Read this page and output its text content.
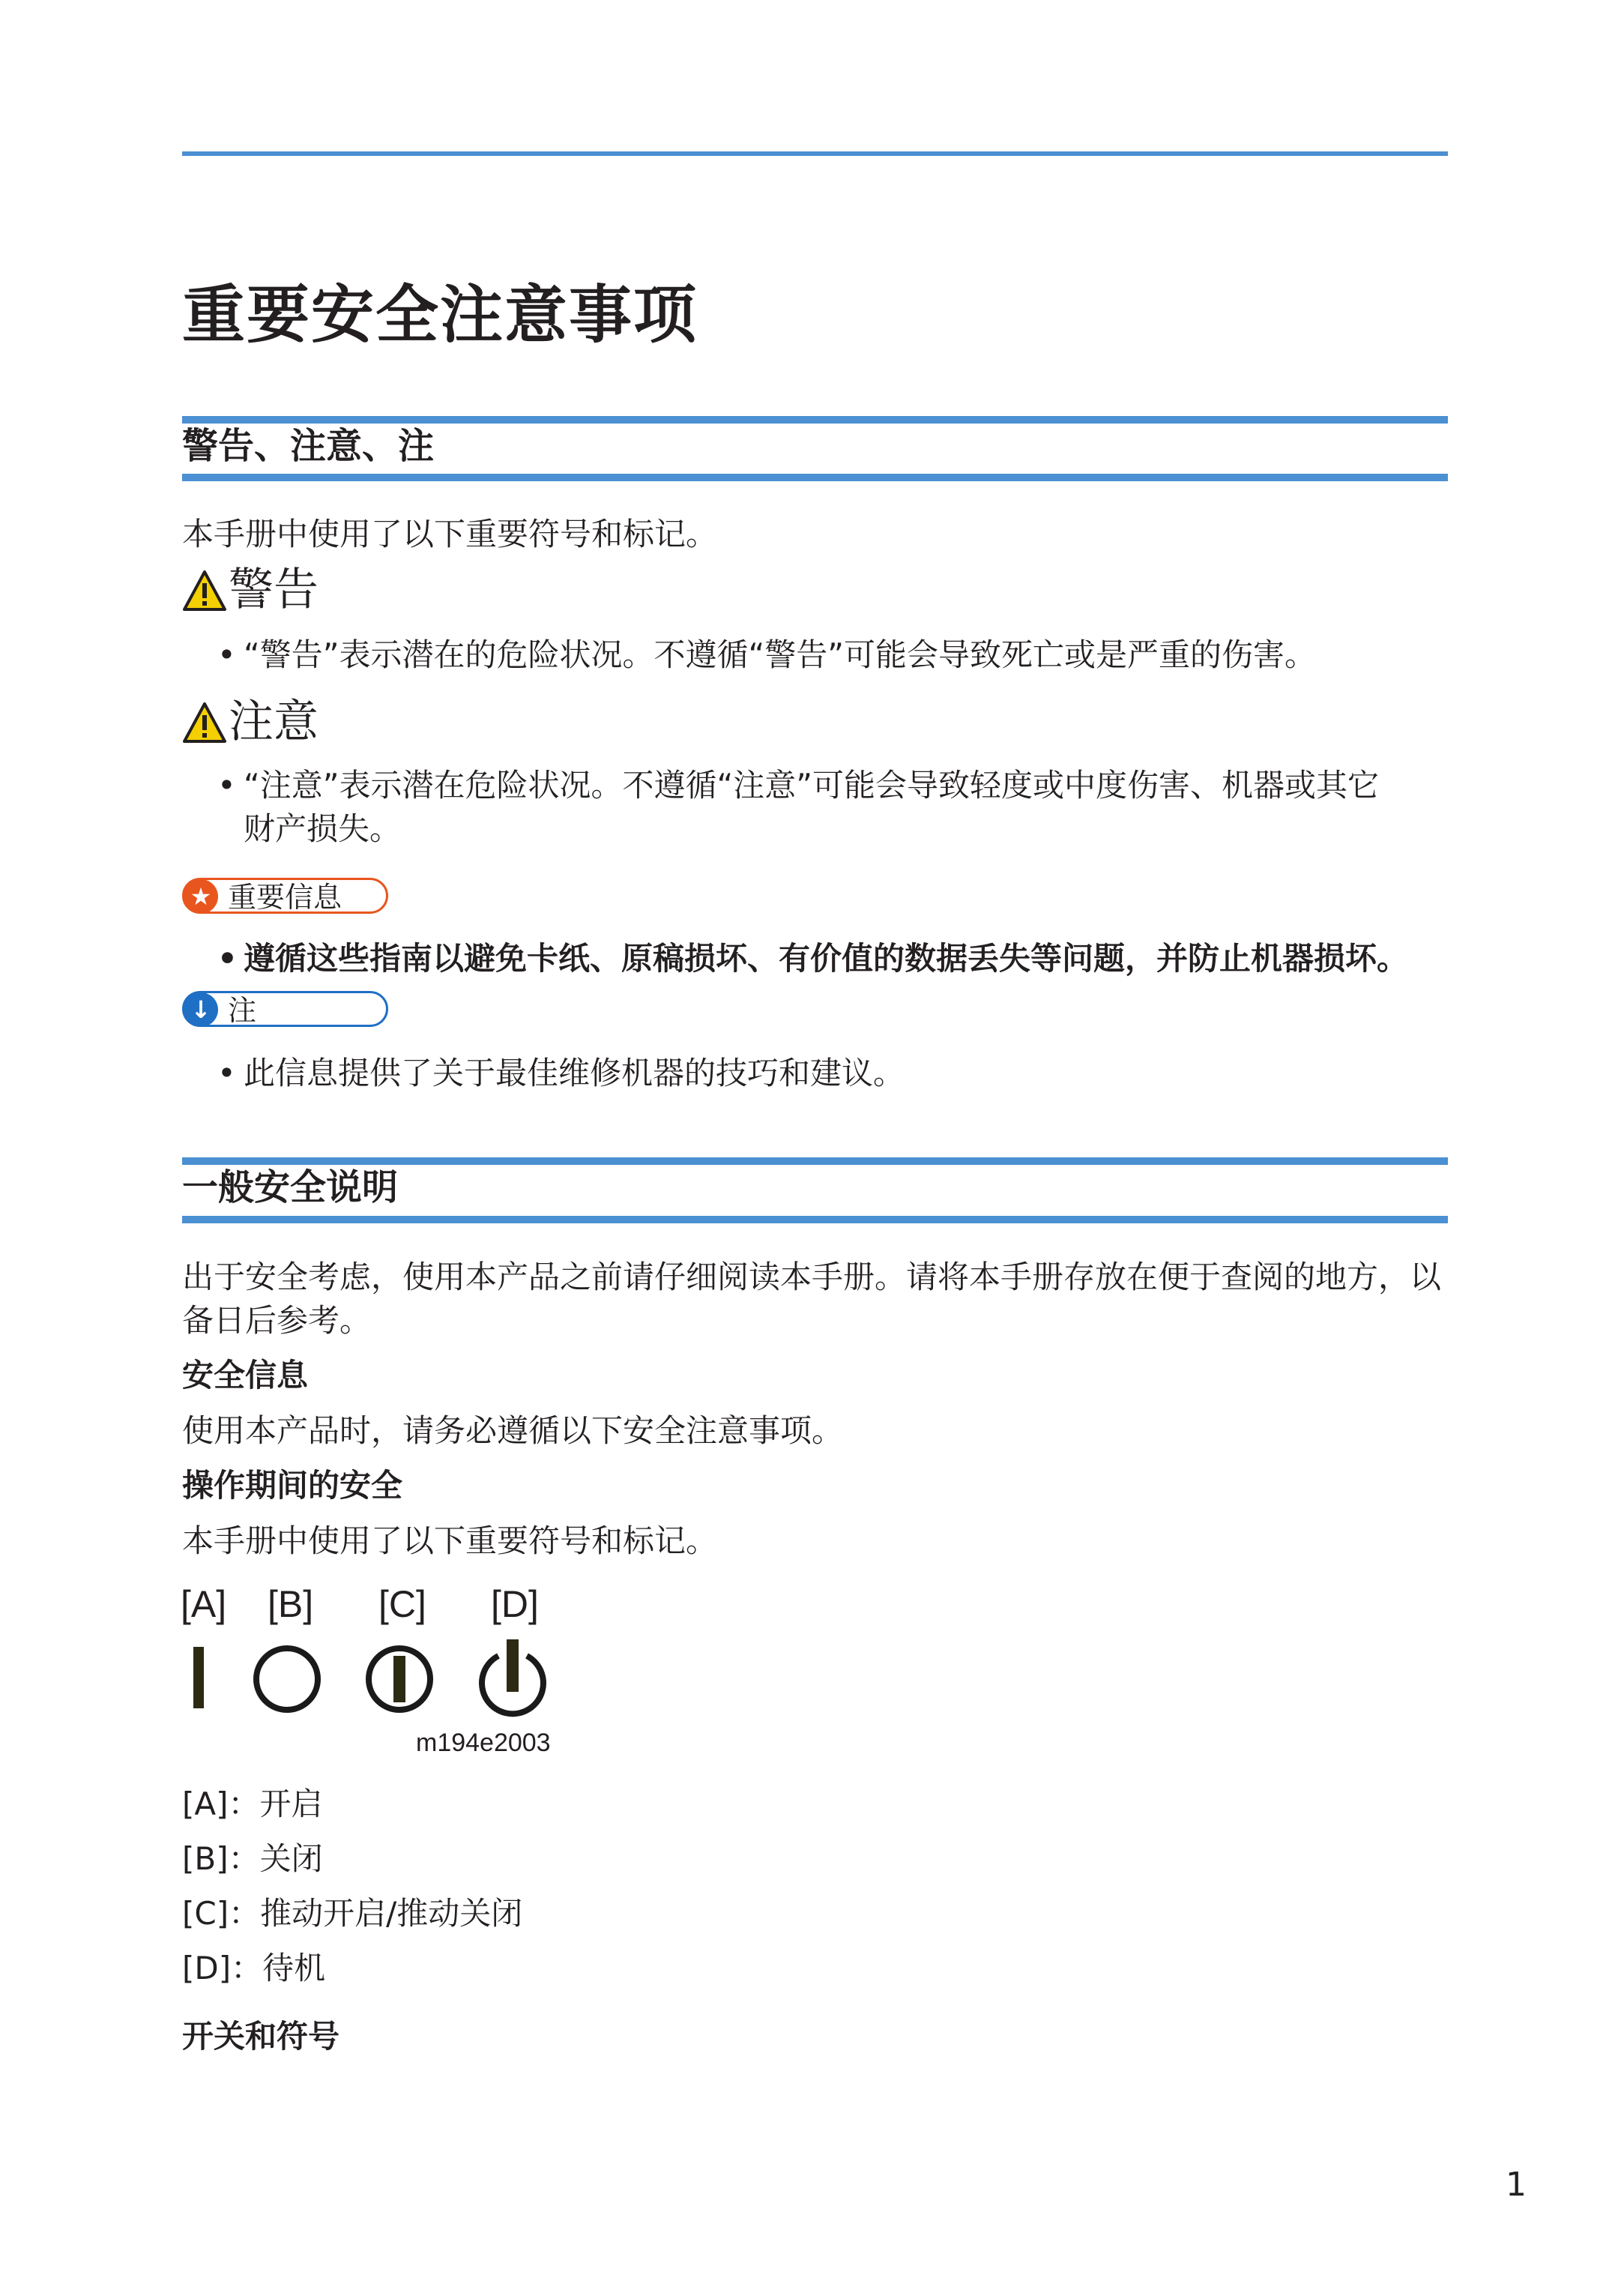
重要安全注意事项
警告、注意、注
本手册中使用了以下重要符号和标记。
警告
• “警告”表示潜在的危险状况。不遵循“警告”可能会导致死亡或是严重的伤害。
注意
• “注意”表示潜在危险状况。不遵循“注意”可能会导致轻度或中度伤害、机器或其它
财产损失。
★ 重要信息
• 遵循这些指南以避免卡纸、原稿损坏、有价值的数据丢失等问题，并防止机器损坏。
↓ 注
• 此信息提供了关于最佳维修机器的技巧和建议。
一般安全说明
出于安全考虑，使用本产品之前请仔细阅读本手册。请将本手册存放在便于查阅的地方，以
备日后参考。
安全信息
使用本产品时，请务必遵循以下安全注意事项。
操作期间的安全
本手册中使用了以下重要符号和标记。
[A] [B] [C] [D]
m194e2003
[A]：开启
[B]：关闭
[C]：推动开启/推动关闭
[D]：待机
开关和符号
1
